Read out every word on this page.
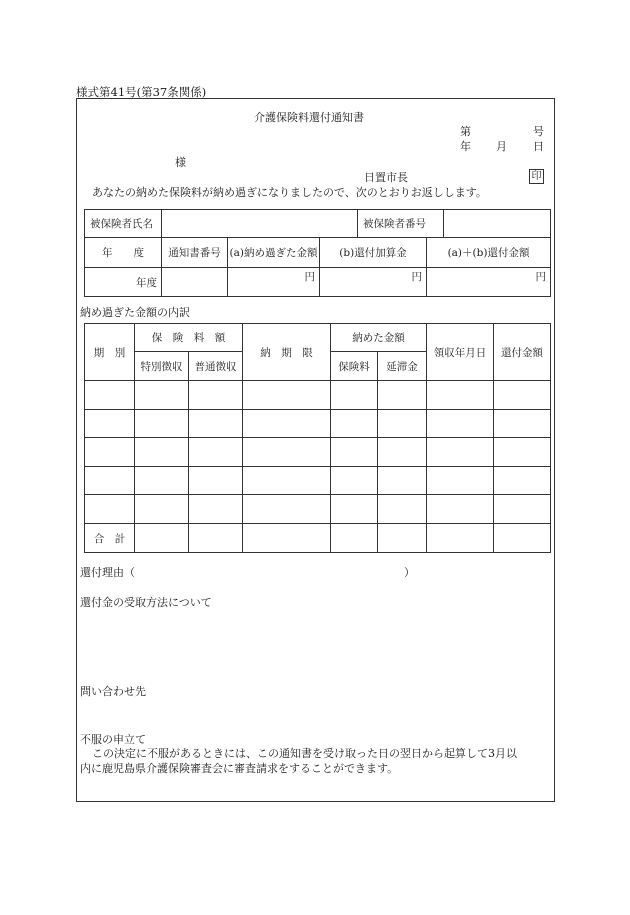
様式第41号(第37条関係)
介護保険料還付通知書
第	号
年 月 日
様
日置市長	印
あなたの納めた保険料が納め過ぎになりましたので、次のとおりお返しします。
被保険者氏名				被保険者番号		
年　　度	通知書番号	(a)納め過ぎた金額	(b)還付加算金		(a)＋(b)還付金額	
年度		円	円		円	
納め過ぎた金額の内訳
期　別	保　険　料　額		納　期　限	納めた金額		領収年月日	還付金額
	特別徴収	普通徴収		保険料	延滞金		

合　計							
還付理由（	）
還付金の受取方法について
問い合わせ先
不服の申立て
この決定に不服があるときには、この通知書を受け取った日の翌日から起算して3月以
内に鹿児島県介護保険審査会に審査請求をすることができます。
